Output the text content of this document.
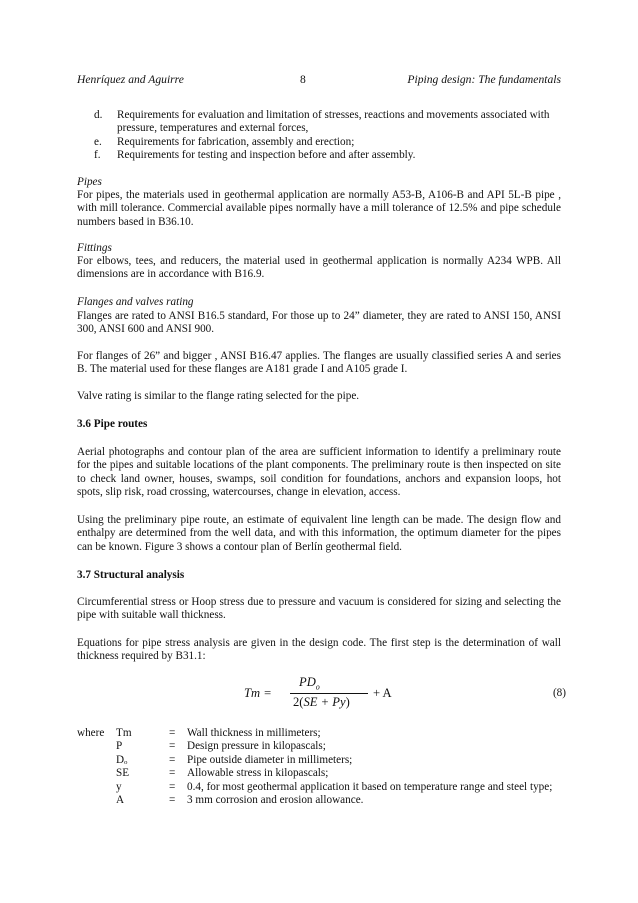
Henríquez and Aguirre	8	Piping design: The fundamentals
d. Requirements for evaluation and limitation of stresses, reactions and movements associated with pressure, temperatures and external forces,
e. Requirements for fabrication, assembly and erection;
f. Requirements for testing and inspection before and after assembly.
Pipes
For pipes, the materials used in geothermal application are normally A53-B, A106-B and API 5L-B pipe , with mill tolerance. Commercial available pipes normally have a mill tolerance of 12.5% and pipe schedule numbers based in B36.10.
Fittings
For elbows, tees, and reducers, the material used in geothermal application is normally A234 WPB. All dimensions are in accordance with B16.9.
Flanges and valves rating
Flanges are rated to ANSI B16.5 standard, For those up to 24” diameter, they are rated to ANSI 150, ANSI 300, ANSI 600 and ANSI 900.
For flanges of 26” and bigger , ANSI B16.47 applies. The flanges are usually classified series A and series B. The material used for these flanges are A181 grade I and A105 grade I.
Valve rating is similar to the flange rating selected for the pipe.
3.6 Pipe routes
Aerial photographs and contour plan of the area are sufficient information to identify a preliminary route for the pipes and suitable locations of the plant components. The preliminary route is then inspected on site to check land owner, houses, swamps, soil condition for foundations, anchors and expansion loops, hot spots, slip risk, road crossing, watercourses, change in elevation, access.
Using the preliminary pipe route, an estimate of equivalent line length can be made. The design flow and enthalpy are determined from the well data, and with this information, the optimum diameter for the pipes can be known. Figure 3 shows a contour plan of Berlín geothermal field.
3.7 Structural analysis
Circumferential stress or Hoop stress due to pressure and vacuum is considered for sizing and selecting the pipe with suitable wall thickness.
Equations for pipe stress analysis are given in the design code. The first step is the determination of wall thickness required by B31.1:
Tm =
$PD_o$
2(SE + Py)
+ A	(8)
where Tm	= Wall thickness in millimeters;
P	= Design pressure in kilopascals;
Dₒ	= Pipe outside diameter in millimeters;
SE	= Allowable stress in kilopascals;
y	= 0.4, for most geothermal application it based on temperature range and steel type;
A	= 3 mm corrosion and erosion allowance.
